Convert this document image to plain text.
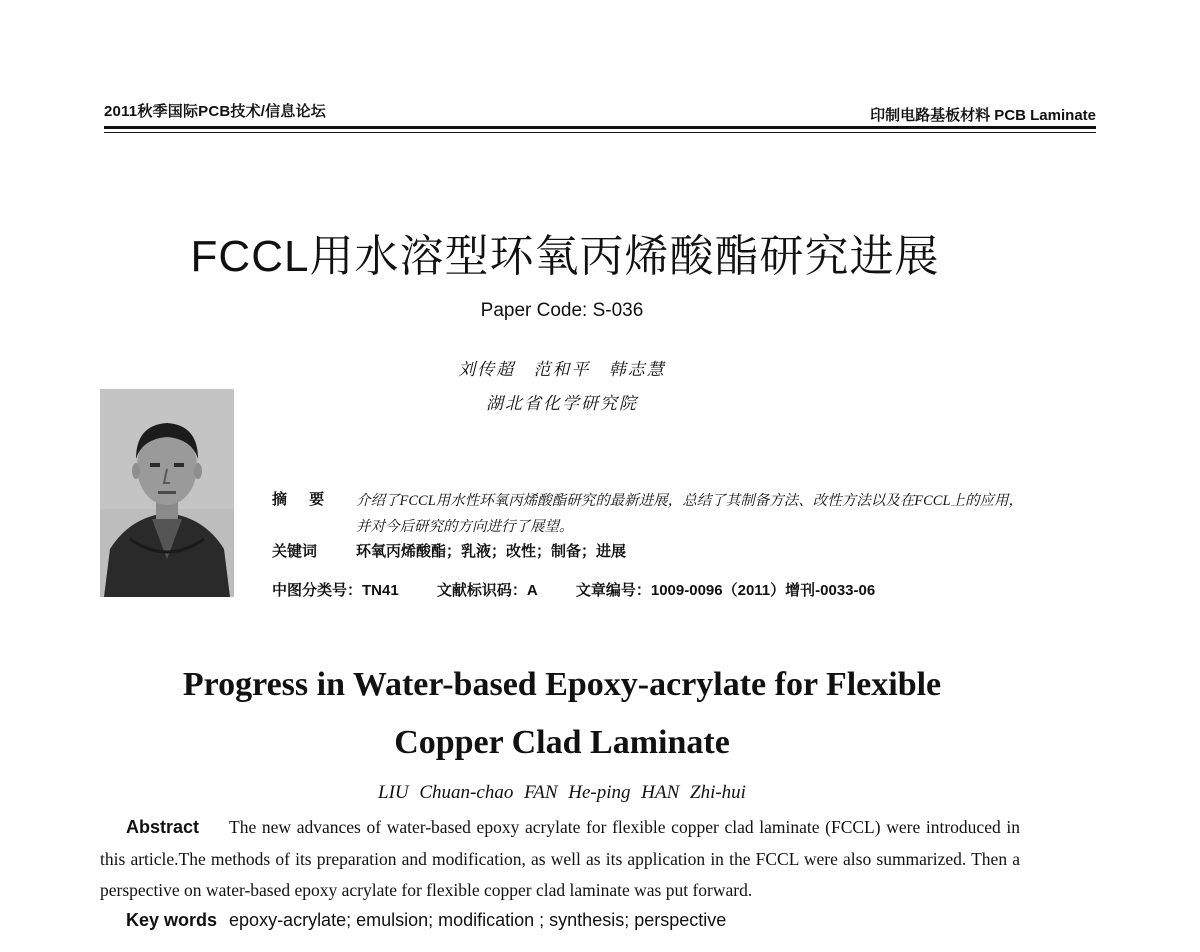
2011秋季国际PCB技术/信息论坛	印制电路基板材料 PCB Laminate
FCCL用水溶型环氧丙烯酸酯研究进展
Paper Code: S-036
刘传超 范和平 韩志慧
湖北省化学研究院
摘 要 介绍了FCCL用水性环氧丙烯酸酯研究的最新进展，总结了其制备方法、改性方法以及在FCCL上的应用，并对今后研究的方向进行了展望。
关键词	环氧丙烯酸酯；乳液；改性；制备；进展
中图分类号：TN41	文献标识码：A	文章编号：1009-0096（2011）增刊-0033-06
Progress in Water-based Epoxy-acrylate for Flexible
Copper Clad Laminate
LIU Chuan-chao FAN He-ping HAN Zhi-hui
Abstract The new advances of water-based epoxy acrylate for flexible copper clad laminate (FCCL) were introduced in this article.The methods of its preparation and modification, as well as its application in the FCCL were also summarized. Then a perspective on water-based epoxy acrylate for flexible copper clad laminate was put forward.
Key words epoxy-acrylate; emulsion; modification ; synthesis; perspective
